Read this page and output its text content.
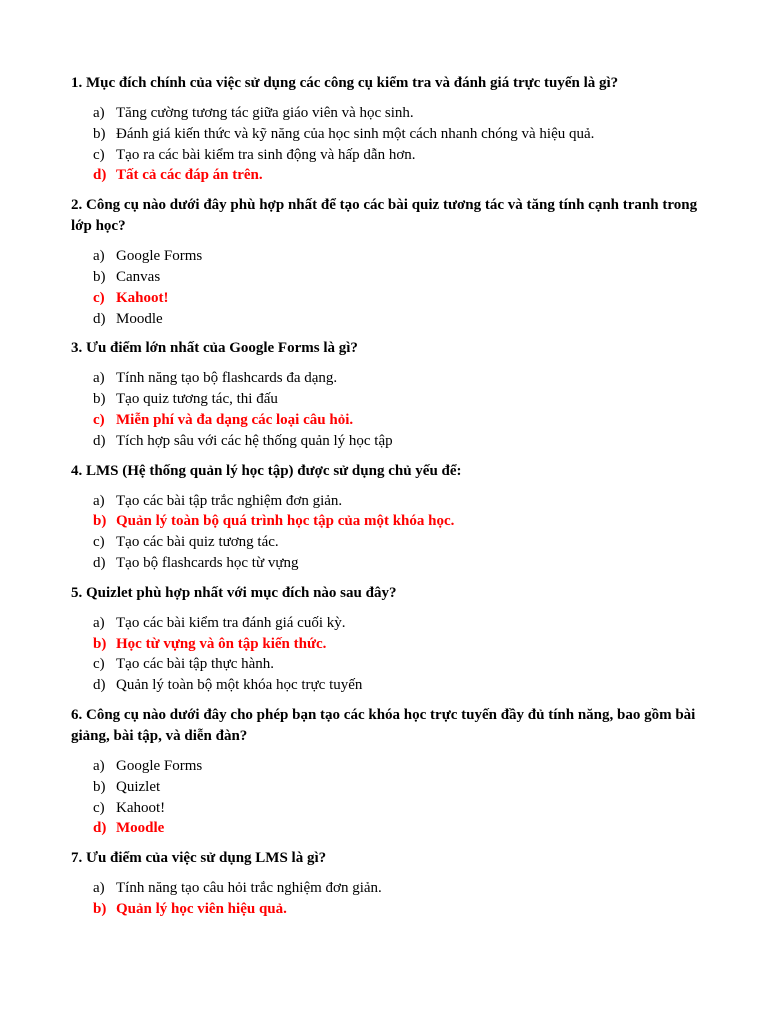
1. Mục đích chính của việc sử dụng các công cụ kiểm tra và đánh giá trực tuyến là gì?

a) Tăng cường tương tác giữa giáo viên và học sinh.
b) Đánh giá kiến thức và kỹ năng của học sinh một cách nhanh chóng và hiệu quả.
c) Tạo ra các bài kiểm tra sinh động và hấp dẫn hơn.
d) Tất cả các đáp án trên.

2. Công cụ nào dưới đây phù hợp nhất để tạo các bài quiz tương tác và tăng tính cạnh tranh trong lớp học?

a) Google Forms
b) Canvas
c) Kahoot!
d) Moodle

3. Ưu điểm lớn nhất của Google Forms là gì?

a) Tính năng tạo bộ flashcards đa dạng.
b) Tạo quiz tương tác, thi đấu
c) Miễn phí và đa dạng các loại câu hỏi.
d) Tích hợp sâu với các hệ thống quản lý học tập

4. LMS (Hệ thống quản lý học tập) được sử dụng chủ yếu để:

a) Tạo các bài tập trắc nghiệm đơn giản.
b) Quản lý toàn bộ quá trình học tập của một khóa học.
c) Tạo các bài quiz tương tác.
d) Tạo bộ flashcards học từ vựng

5. Quizlet phù hợp nhất với mục đích nào sau đây?

a) Tạo các bài kiểm tra đánh giá cuối kỳ.
b) Học từ vựng và ôn tập kiến thức.
c) Tạo các bài tập thực hành.
d) Quản lý toàn bộ một khóa học trực tuyến

6. Công cụ nào dưới đây cho phép bạn tạo các khóa học trực tuyến đầy đủ tính năng, bao gồm bài giảng, bài tập, và diễn đàn?

a) Google Forms
b) Quizlet
c) Kahoot!
d) Moodle

7. Ưu điểm của việc sử dụng LMS là gì?

a) Tính năng tạo câu hỏi trắc nghiệm đơn giản.
b) Quản lý học viên hiệu quả.
